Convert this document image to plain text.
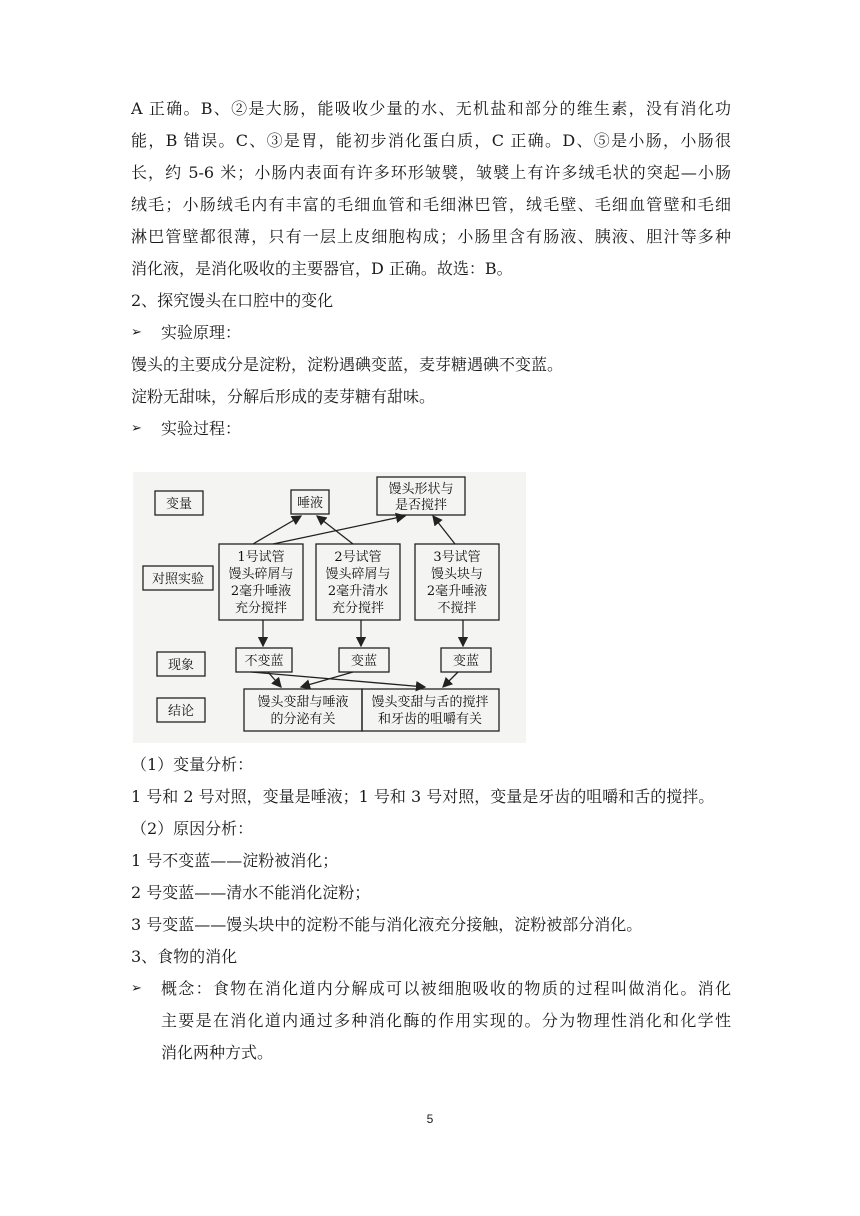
A 正确。B、②是大肠，能吸收少量的水、无机盐和部分的维生素，没有消化功

能，B 错误。C、③是胃，能初步消化蛋白质，C 正确。D、⑤是小肠，小肠很

长，约 5-6 米；小肠内表面有许多环形皱襞，皱襞上有许多绒毛状的突起—小肠

绒毛；小肠绒毛内有丰富的毛细血管和毛细淋巴管，绒毛壁、毛细血管壁和毛细

淋巴管壁都很薄，只有一层上皮细胞构成；小肠里含有肠液、胰液、胆汁等多种

消化液，是消化吸收的主要器官，D 正确。故选：B。

2、探究馒头在口腔中的变化

➢ 实验原理：

馒头的主要成分是淀粉，淀粉遇碘变蓝，麦芽糖遇碘不变蓝。

淀粉无甜味，分解后形成的麦芽糖有甜味。

➢ 实验过程：

变量
对照实验
现象
结论
唾液
馒头形状与
是否搅拌
1号试管
馒头碎屑与
2毫升唾液
充分搅拌
2号试管
馒头碎屑与
2毫升清水
充分搅拌
3号试管
馒头块与
2毫升唾液
不搅拌
不变蓝	变蓝	变蓝
馒头变甜与唾液
的分泌有关
馒头变甜与舌的搅拌
和牙齿的咀嚼有关

（1）变量分析：

1 号和 2 号对照，变量是唾液；1 号和 3 号对照，变量是牙齿的咀嚼和舌的搅拌。

（2）原因分析：

1 号不变蓝——淀粉被消化；

2 号变蓝——清水不能消化淀粉；

3 号变蓝——馒头块中的淀粉不能与消化液充分接触，淀粉被部分消化。

3、食物的消化

➢ 概念：食物在消化道内分解成可以被细胞吸收的物质的过程叫做消化。消化

主要是在消化道内通过多种消化酶的作用实现的。分为物理性消化和化学性

消化两种方式。

5
